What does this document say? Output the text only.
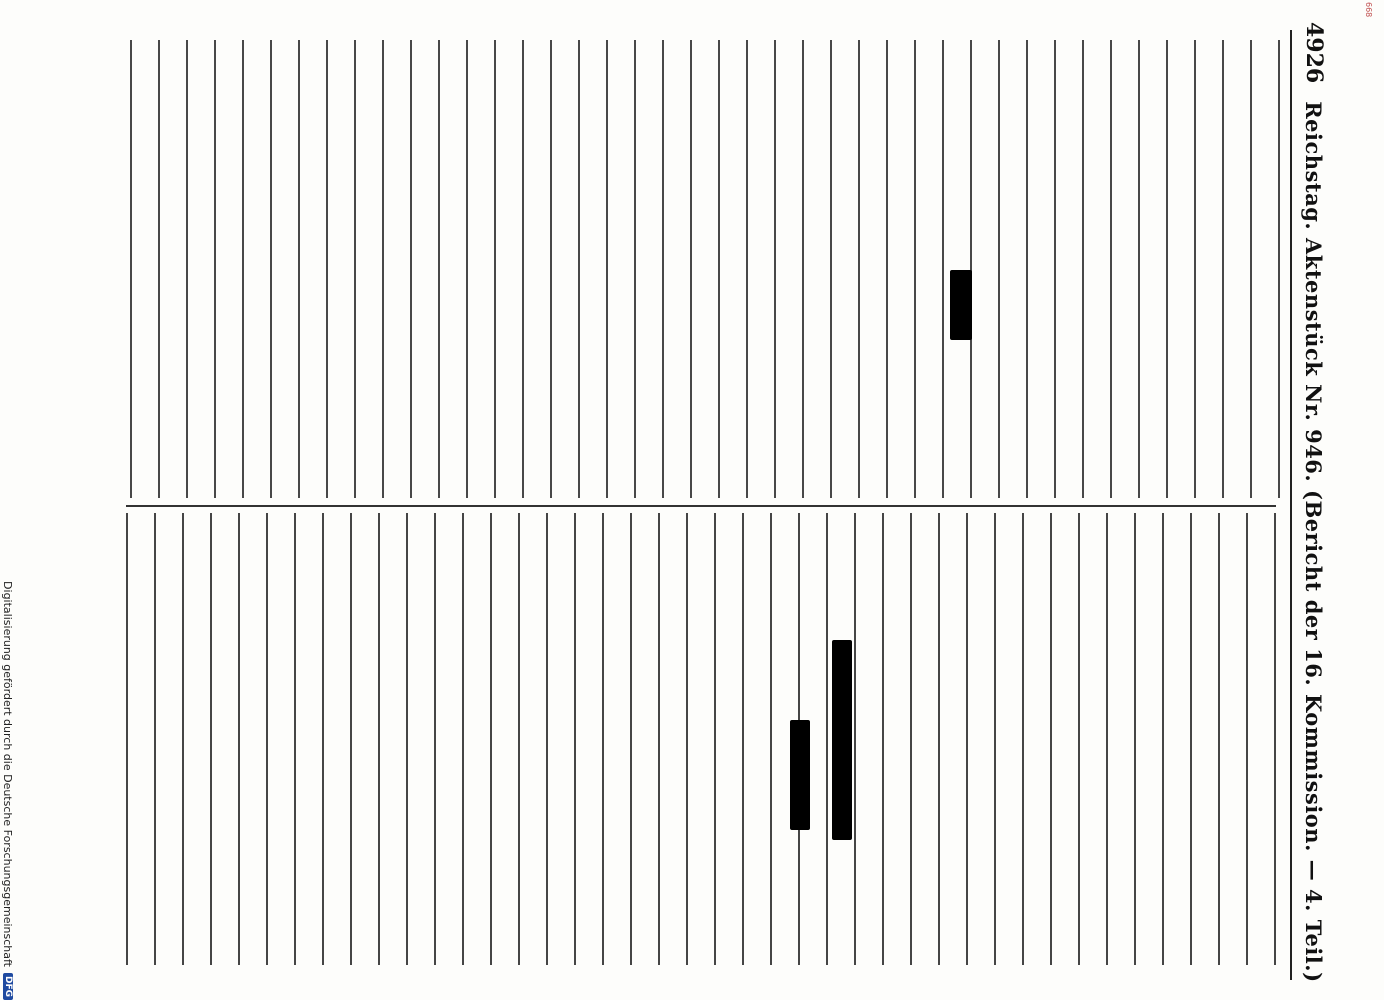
4926
Reichstag. Aktenstück Nr. 946. (Bericht der 16. Kommission. — 4. Teil.)
Digitalisierung gefördert durch die Deutsche Forschungsgemeinschaft
DFG
668
